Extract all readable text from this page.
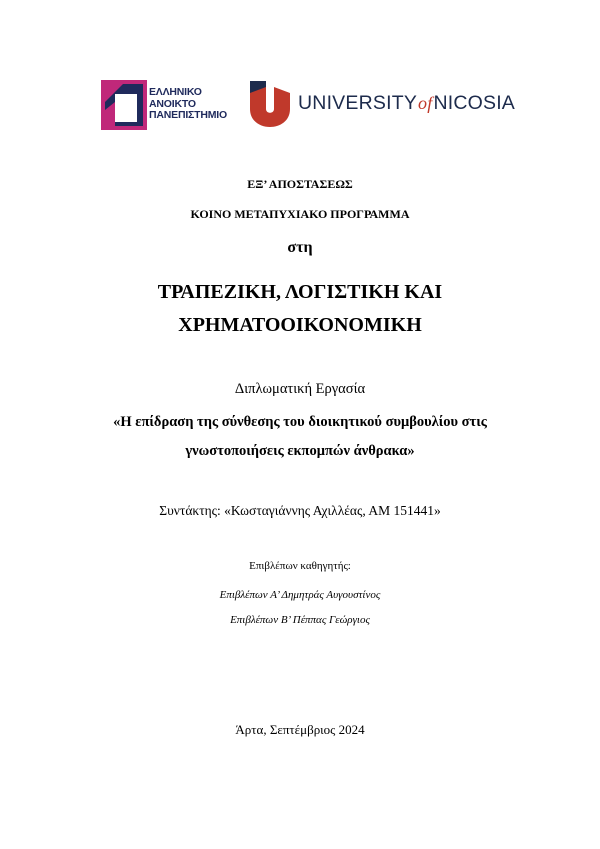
ΕΛΛΗΝΙΚΟ
ΑΝΟΙΚΤΟ
ΠΑΝΕΠΙΣΤΗΜΙΟ
UNIVERSITYofNICOSIA
ΕΞ’ ΑΠΟΣΤΑΣΕΩΣ
ΚΟΙΝΟ ΜΕΤΑΠΥΧΙΑΚΟ ΠΡΟΓΡΑΜΜΑ
στη
ΤΡΑΠΕΖΙΚΗ, ΛΟΓΙΣΤΙΚΗ ΚΑΙ
ΧΡΗΜΑΤΟΟΙΚΟΝΟΜΙΚΗ
Διπλωματική Εργασία
«Η επίδραση της σύνθεσης του διοικητικού συμβουλίου στις
γνωστοποιήσεις εκπομπών άνθρακα»
Συντάκτης: «Κωσταγιάννης Αχιλλέας, ΑΜ 151441»
Επιβλέπων καθηγητής:
Επιβλέπων Α’ Δημητράς Αυγουστίνος
Επιβλέπων Β’ Πέππας Γεώργιος
Άρτα, Σεπτέμβριος 2024
